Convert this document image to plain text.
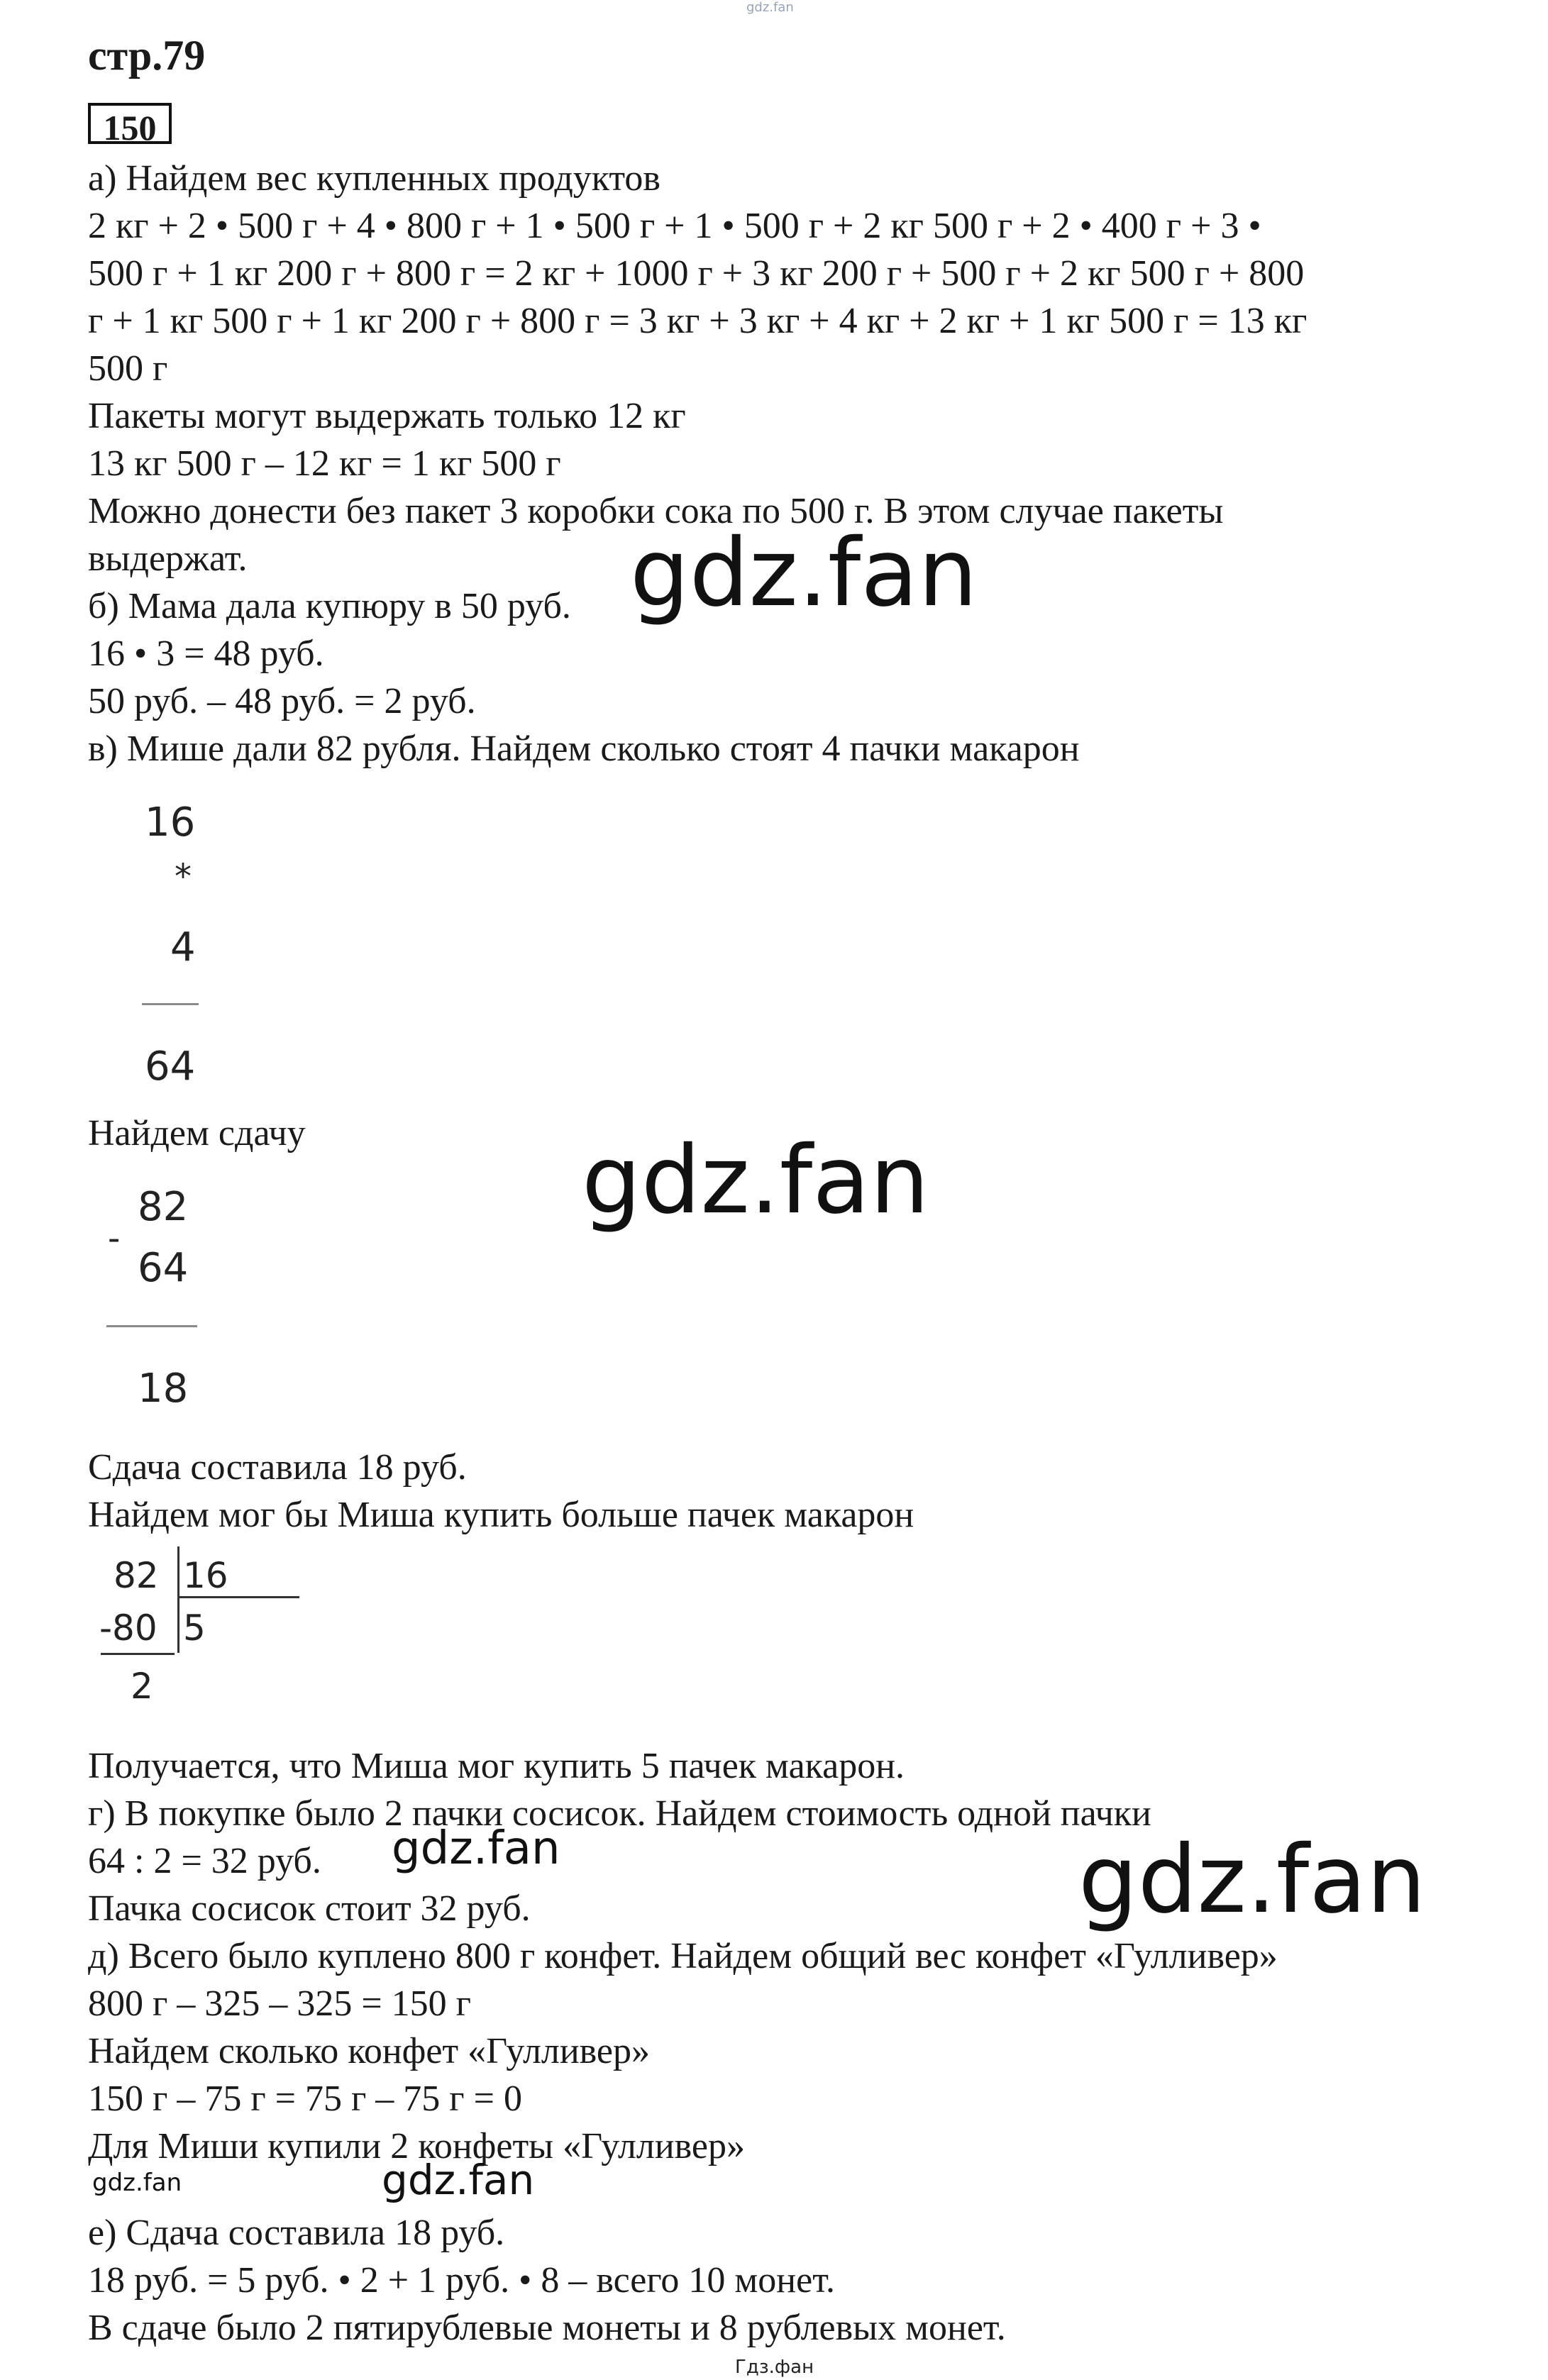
gdz.fan
стр.79
150
а) Найдем вес купленных продуктов
2 кг + 2 • 500 г + 4 • 800 г + 1 • 500 г + 1 • 500 г + 2 кг 500 г + 2 • 400 г + 3 •
500 г + 1 кг 200 г + 800 г = 2 кг + 1000 г + 3 кг 200 г + 500 г + 2 кг 500 г + 800
г + 1 кг 500 г + 1 кг 200 г + 800 г = 3 кг + 3 кг + 4 кг + 2 кг + 1 кг 500 г = 13 кг
500 г
Пакеты могут выдержать только 12 кг
13 кг 500 г – 12 кг = 1 кг 500 г
Можно донести без пакет 3 коробки сока по 500 г. В этом случае пакеты
выдержат.
б) Мама дала купюру в 50 руб.
16 • 3 = 48 руб.
50 руб. – 48 руб. = 2 руб.
в) Мише дали 82 рубля. Найдем сколько стоят 4 пачки макарон
16
*
4
64
Найдем сдачу
-
82
64
18
Сдача составила 18 руб.
Найдем мог бы Миша купить больше пачек макарон
82 16
-80 5
2
Получается, что Миша мог купить 5 пачек макарон.
г) В покупке было 2 пачки сосисок. Найдем стоимость одной пачки
64 : 2 = 32 руб.
Пачка сосисок стоит 32 руб.
д) Всего было куплено 800 г конфет. Найдем общий вес конфет «Гулливер»
800 г – 325 – 325 = 150 г
Найдем сколько конфет «Гулливер»
150 г – 75 г = 75 г – 75 г = 0
Для Миши купили 2 конфеты «Гулливер»
е) Сдача составила 18 руб.
18 руб. = 5 руб. • 2 + 1 руб. • 8 – всего 10 монет.
В сдаче было 2 пятирублевые монеты и 8 рублевых монет.
gdz.fan
gdz.fan
gdz.fan	gdz.fan
gdz.fan	gdz.fan
Гдз.фан
